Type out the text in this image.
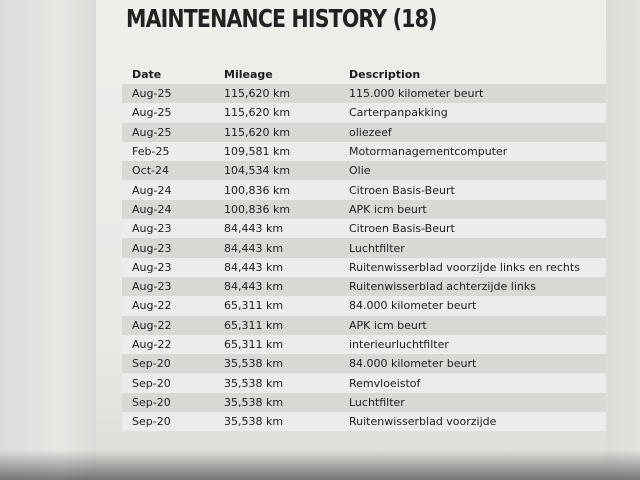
MAINTENANCE HISTORY (18)
Date	Mileage	Description
Aug-25	115,620 km	115.000 kilometer beurt
Aug-25	115,620 km	Carterpanpakking
Aug-25	115,620 km	oliezeef
Feb-25	109,581 km	Motormanagementcomputer
Oct-24	104,534 km	Olie
Aug-24	100,836 km	Citroen Basis-Beurt
Aug-24	100,836 km	APK icm beurt
Aug-23	84,443 km	Citroen Basis-Beurt
Aug-23	84,443 km	Luchtfilter
Aug-23	84,443 km	Ruitenwisserblad voorzijde links en rechts
Aug-23	84,443 km	Ruitenwisserblad achterzijde links
Aug-22	65,311 km	84.000 kilometer beurt
Aug-22	65,311 km	APK icm beurt
Aug-22	65,311 km	interieurluchtfilter
Sep-20	35,538 km	84.000 kilometer beurt
Sep-20	35,538 km	Remvloeistof
Sep-20	35,538 km	Luchtfilter
Sep-20	35,538 km	Ruitenwisserblad voorzijde
